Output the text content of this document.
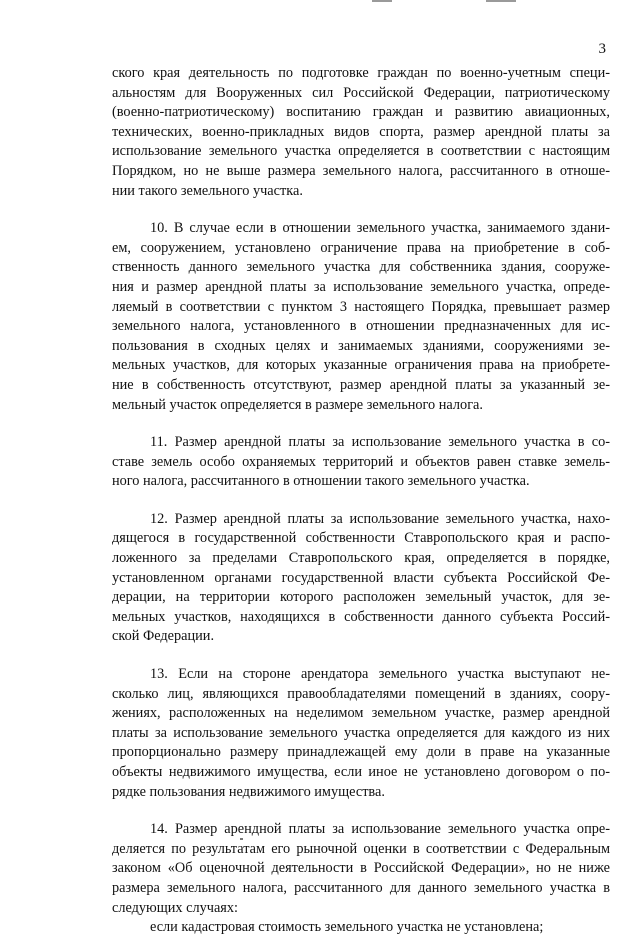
3

ского края деятельность по подготовке граждан по военно-учетным специ-
альностям для Вооруженных сил Российской Федерации, патриотическому
(военно-патриотическому) воспитанию граждан и развитию авиационных,
технических, военно-прикладных видов спорта, размер арендной платы за
использование земельного участка определяется в соответствии с настоящим
Порядком, но не выше размера земельного налога, рассчитанного в отноше-
нии такого земельного участка.

10. В случае если в отношении земельного участка, занимаемого здани-
ем, сооружением, установлено ограничение права на приобретение в соб-
ственность данного земельного участка для собственника здания, сооруже-
ния и размер арендной платы за использование земельного участка, опреде-
ляемый в соответствии с пунктом 3 настоящего Порядка, превышает размер
земельного налога, установленного в отношении предназначенных для ис-
пользования в сходных целях и занимаемых зданиями, сооружениями зе-
мельных участков, для которых указанные ограничения права на приобрете-
ние в собственность отсутствуют, размер арендной платы за указанный зе-
мельный участок определяется в размере земельного налога.

11. Размер арендной платы за использование земельного участка в со-
ставе земель особо охраняемых территорий и объектов равен ставке земель-
ного налога, рассчитанного в отношении такого земельного участка.

12. Размер арендной платы за использование земельного участка, нахо-
дящегося в государственной собственности Ставропольского края и распо-
ложенного за пределами Ставропольского края, определяется в порядке,
установленном органами государственной власти субъекта Российской Фе-
дерации, на территории которого расположен земельный участок, для зе-
мельных участков, находящихся в собственности данного субъекта Россий-
ской Федерации.

13. Если на стороне арендатора земельного участка выступают не-
сколько лиц, являющихся правообладателями помещений в зданиях, соору-
жениях, расположенных на неделимом земельном участке, размер арендной
платы за использование земельного участка определяется для каждого из них
пропорционально размеру принадлежащей ему доли в праве на указанные
объекты недвижимого имущества, если иное не установлено договором о по-
рядке пользования недвижимого имущества.

14. Размер арендной платы за использование земельного участка опре-
деляется по результатам его рыночной оценки в соответствии с Федеральным
законом «Об оценочной деятельности в Российской Федерации», но не ниже
размера земельного налога, рассчитанного для данного земельного участка в
следующих случаях:

если кадастровая стоимость земельного участка не установлена;
